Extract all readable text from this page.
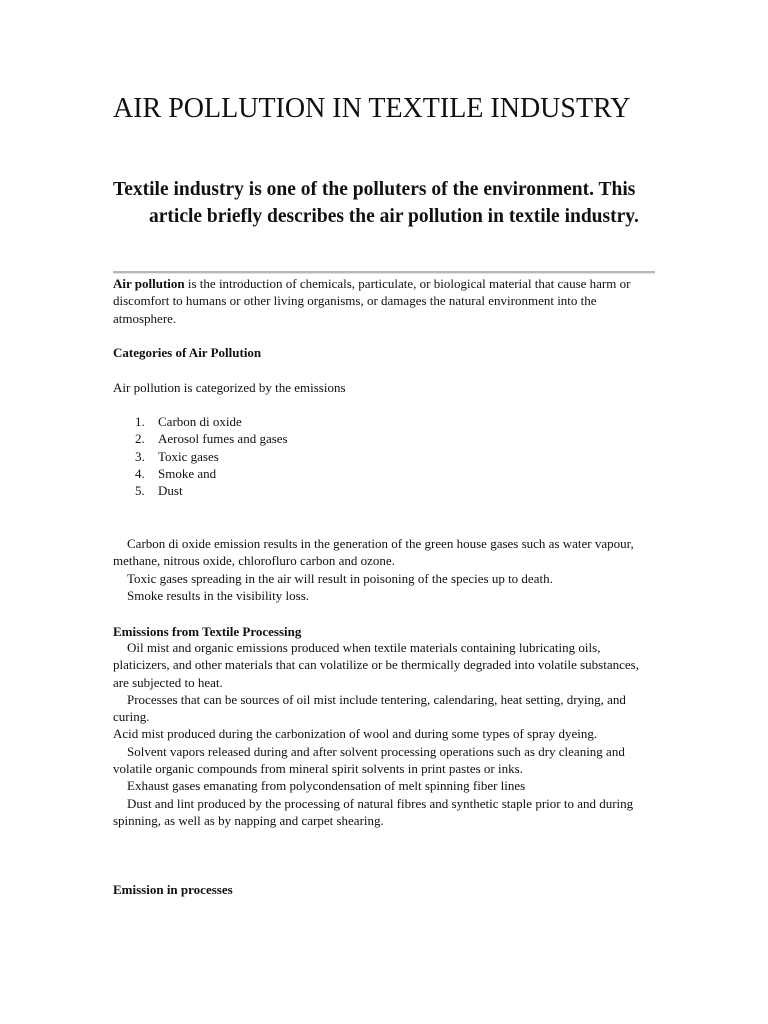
AIR POLLUTION IN TEXTILE INDUSTRY
Textile industry is one of the polluters of the environment. This article briefly describes the air pollution in textile industry.

Air pollution is the introduction of chemicals, particulate, or biological material that cause harm or discomfort to humans or other living organisms, or damages the natural environment into the atmosphere.

Categories of Air Pollution

Air pollution is categorized by the emissions

1.	Carbon di oxide
2.	Aerosol fumes and gases
3.	Toxic gases
4.	Smoke and
5.	Dust

Carbon di oxide emission results in the generation of the green house gases such as water vapour, methane, nitrous oxide, chlorofluro carbon and ozone.

Toxic gases spreading in the air will result in poisoning of the species up to death.

Smoke results in the visibility loss.

Emissions from Textile Processing

Oil mist and organic emissions produced when textile materials containing lubricating oils, platicizers, and other materials that can volatilize or be thermically degraded into volatile substances, are subjected to heat.

Processes that can be sources of oil mist include tentering, calendaring, heat setting, drying, and curing.

Acid mist produced during the carbonization of wool and during some types of spray dyeing.

Solvent vapors released during and after solvent processing operations such as dry cleaning and volatile organic compounds from mineral spirit solvents in print pastes or inks.

Exhaust gases emanating from polycondensation of melt spinning fiber lines

Dust and lint produced by the processing of natural fibres and synthetic staple prior to and during spinning, as well as by napping and carpet shearing.

Emission in processes
